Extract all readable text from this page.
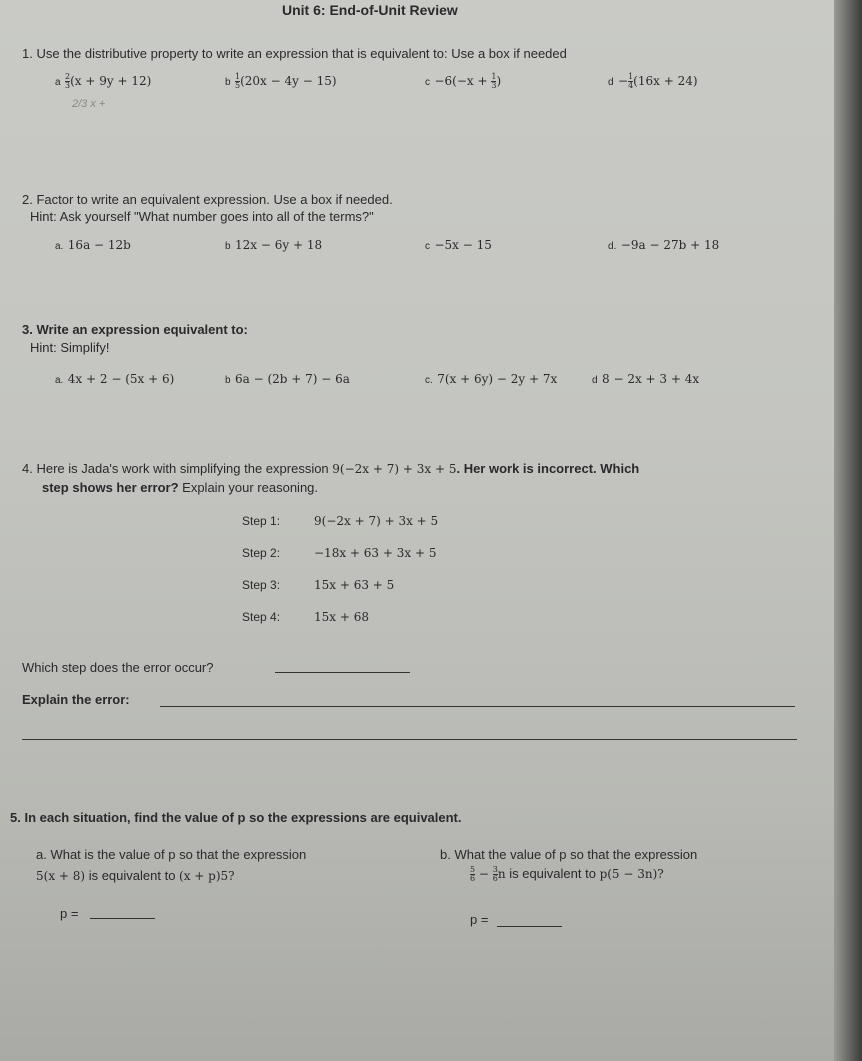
Unit 6: End-of-Unit Review
1. Use the distributive property to write an expression that is equivalent to: Use a box if needed
a $\frac{2}{3} (x + 9y + 12)$	b $\frac{1}{5} (20x - 4y - 15)$	$c -6(-x + \frac{1}{3}$ )	$d - \frac{1}{4} (16x + 24)$
2/3 x +
2. Factor to write an equivalent expression. Use a box if needed.
Hint: Ask yourself "What number goes into all of the terms?"
a. 16a − 12b	b 12x − 6y + 18	c −5x − 15	d. −9a − 27b + 18
3. Write an expression equivalent to:
Hint: Simplify!
a. 4x + 2 − (5x + 6)	b 6a − (2b + 7) − 6a	c. 7(x + 6y) − 2y + 7x	d 8 − 2x + 3 + 4x
4. Here is Jada's work with simplifying the expression 9(−2x + 7) + 3x + 5. Her work is incorrect. Which
step shows her error? Explain your reasoning.
Step 1:	9(−2x + 7) + 3x + 5
Step 2:	−18x + 63 + 3x + 5
Step 3:	15x + 63 + 5
Step 4:	15x + 68
Which step does the error occur?
Explain the error:
5. In each situation, find the value of p so the expressions are equivalent.
a. What is the value of p so that the expression
5(x + 8) is equivalent to (x + p)5?
p =
b. What the value of p so that the expression
$\frac{5}{6} - \frac{3}{6}$ n is equivalent to p(5 − 3n)?
p =
